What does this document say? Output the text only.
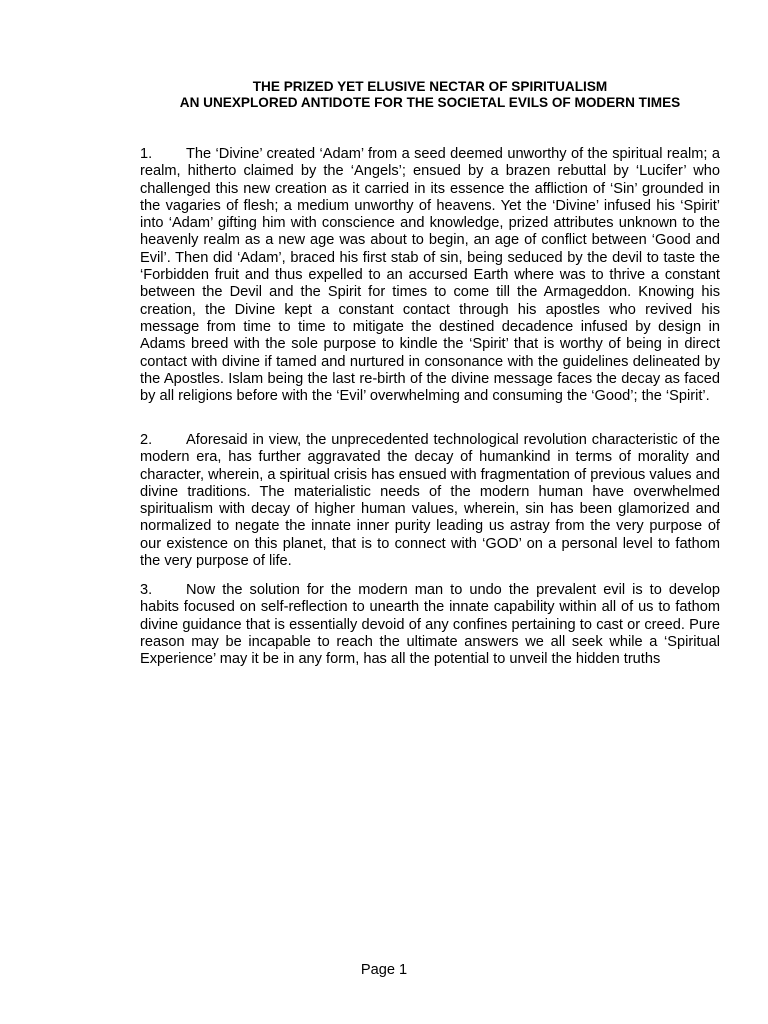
THE PRIZED YET ELUSIVE NECTAR OF SPIRITUALISM
AN UNEXPLORED ANTIDOTE FOR THE SOCIETAL EVILS OF MODERN TIMES

1. The ‘Divine’ created ‘Adam’ from a seed deemed unworthy of the spiritual realm; a realm, hitherto claimed by the ‘Angels’; ensued by a brazen rebuttal by ‘Lucifer’ who challenged this new creation as it carried in its essence the affliction of ‘Sin’ grounded in the vagaries of flesh; a medium unworthy of heavens. Yet the ‘Divine’ infused his ‘Spirit’ into ‘Adam’ gifting him with conscience and knowledge, prized attributes unknown to the heavenly realm as a new age was about to begin, an age of conflict between ‘Good and Evil’. Then did ‘Adam’, braced his first stab of sin, being seduced by the devil to taste the ‘Forbidden fruit and thus expelled to an accursed Earth where was to thrive a constant between the Devil and the Spirit for times to come till the Armageddon. Knowing his creation, the Divine kept a constant contact through his apostles who revived his message from time to time to mitigate the destined decadence infused by design in Adams breed with the sole purpose to kindle the ‘Spirit’ that is worthy of being in direct contact with divine if tamed and nurtured in consonance with the guidelines delineated by the Apostles. Islam being the last re-birth of the divine message faces the decay as faced by all religions before with the ‘Evil’ overwhelming and consuming the ‘Good’; the ‘Spirit’.

2. Aforesaid in view, the unprecedented technological revolution characteristic of the modern era, has further aggravated the decay of humankind in terms of morality and character, wherein, a spiritual crisis has ensued with fragmentation of previous values and divine traditions. The materialistic needs of the modern human have overwhelmed spiritualism with decay of higher human values, wherein, sin has been glamorized and normalized to negate the innate inner purity leading us astray from the very purpose of our existence on this planet, that is to connect with ‘GOD’ on a personal level to fathom the very purpose of life.

3. Now the solution for the modern man to undo the prevalent evil is to develop habits focused on self-reflection to unearth the innate capability within all of us to fathom divine guidance that is essentially devoid of any confines pertaining to cast or creed. Pure reason may be incapable to reach the ultimate answers we all seek while a ‘Spiritual Experience’ may it be in any form, has all the potential to unveil the hidden truths

Page 1
